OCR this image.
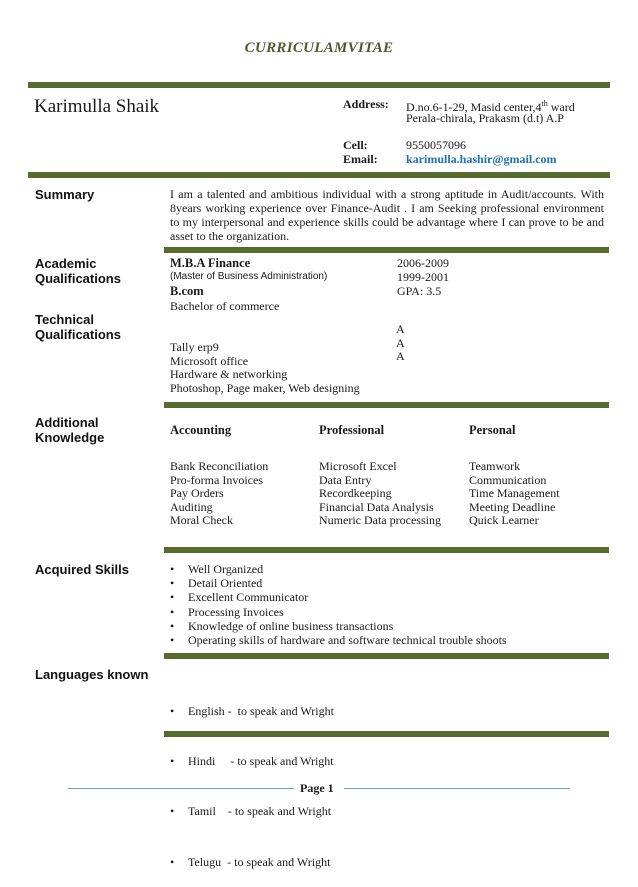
CURRICULAMVITAE
Karimulla Shaik	Address: D.no.6-1-29, Masid center,4th ward
Perala-chirala, Prakasm (d.t) A.P
Cell:	9550057096
Email: karimulla.hashir@gmail.com
Summary	I am a talented and ambitious individual with a strong aptitude in Audit/accounts. With 8years working experience over Finance-Audit . I am Seeking professional environment to my interpersonal and experience skills could be advantage where I can prove to be and asset to the organization.
Academic
Qualifications
M.B.A Finance
(Master of Business Administration)
B.com
Bachelor of commerce
2006-2009
1999-2001
GPA: 3.5
Technical
Qualifications
Tally erp9
Microsoft office
Hardware & networking
Photoshop, Page maker, Web designing
A
A
A
Additional
Knowledge	Accounting	Professional	Personal
Bank Reconciliation
Pro-forma Invoices
Pay Orders
Auditing
Moral Check
Microsoft Excel
Data Entry
Recordkeeping
Financial Data Analysis
Numeric Data processing
Teamwork
Communication
Time Management
Meeting Deadline
Quick Learner
Acquired Skills
•	Well Organized
• Detail Oriented
• Excellent Communicator
• Processing Invoices
• Knowledge of online business transactions
• Operating skills of hardware and software technical trouble shoots
Languages known

• English -  to speak and Wright

• Hindi     - to speak and Wright

• Tamil    - to speak and Wright

• Telugu  - to speak and Wright

Page 1
